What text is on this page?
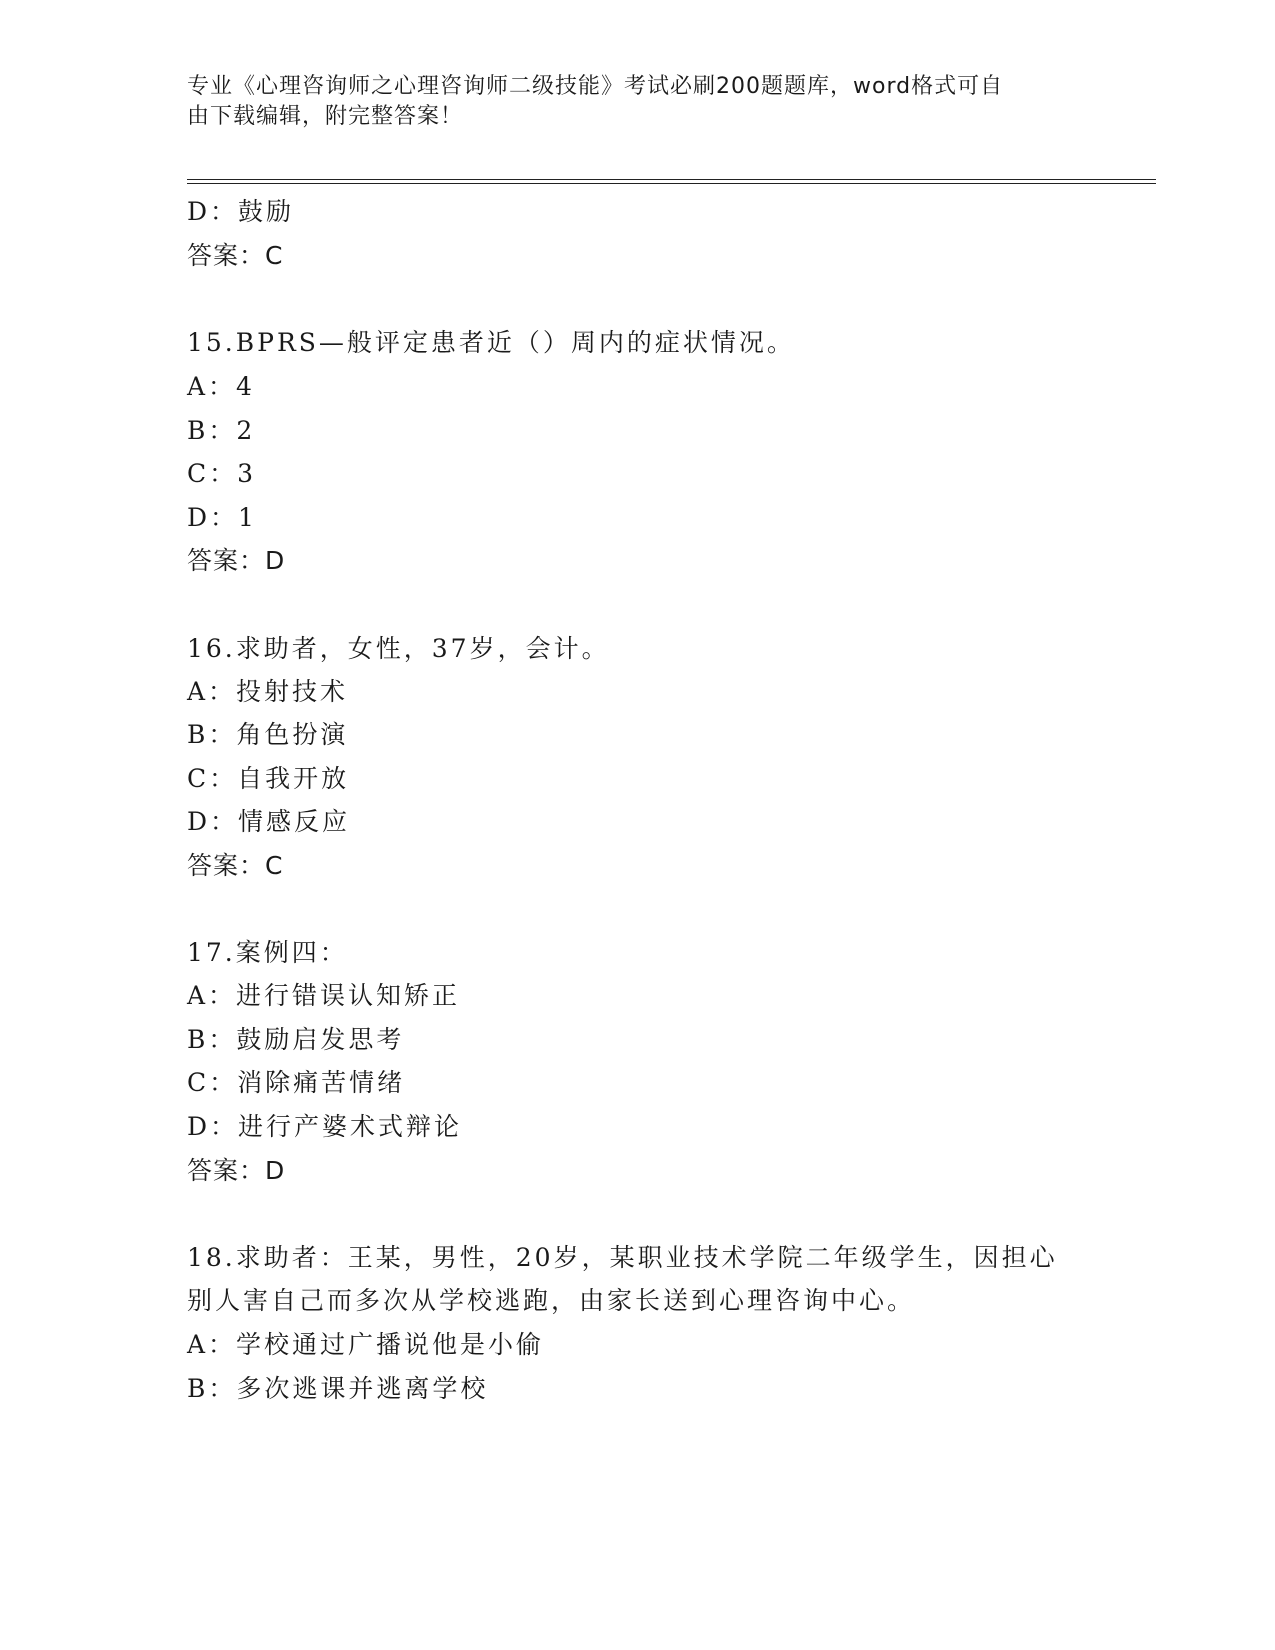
专业《心理咨询师之心理咨询师二级技能》考试必刷200题题库，word格式可自
由下载编辑，附完整答案！
D：鼓励
答案：C
15.BPRS—般评定患者近（）周内的症状情况。
A：4
B：2
C：3
D：1
答案：D
16.求助者，女性，37岁，会计。
A：投射技术
B：角色扮演
C：自我开放
D：情感反应
答案：C
17.案例四：
A：进行错误认知矫正
B：鼓励启发思考
C：消除痛苦情绪
D：进行产婆术式辩论
答案：D
18.求助者：王某，男性，20岁，某职业技术学院二年级学生，因担心
别人害自己而多次从学校逃跑，由家长送到心理咨询中心。
A：学校通过广播说他是小偷
B：多次逃课并逃离学校
